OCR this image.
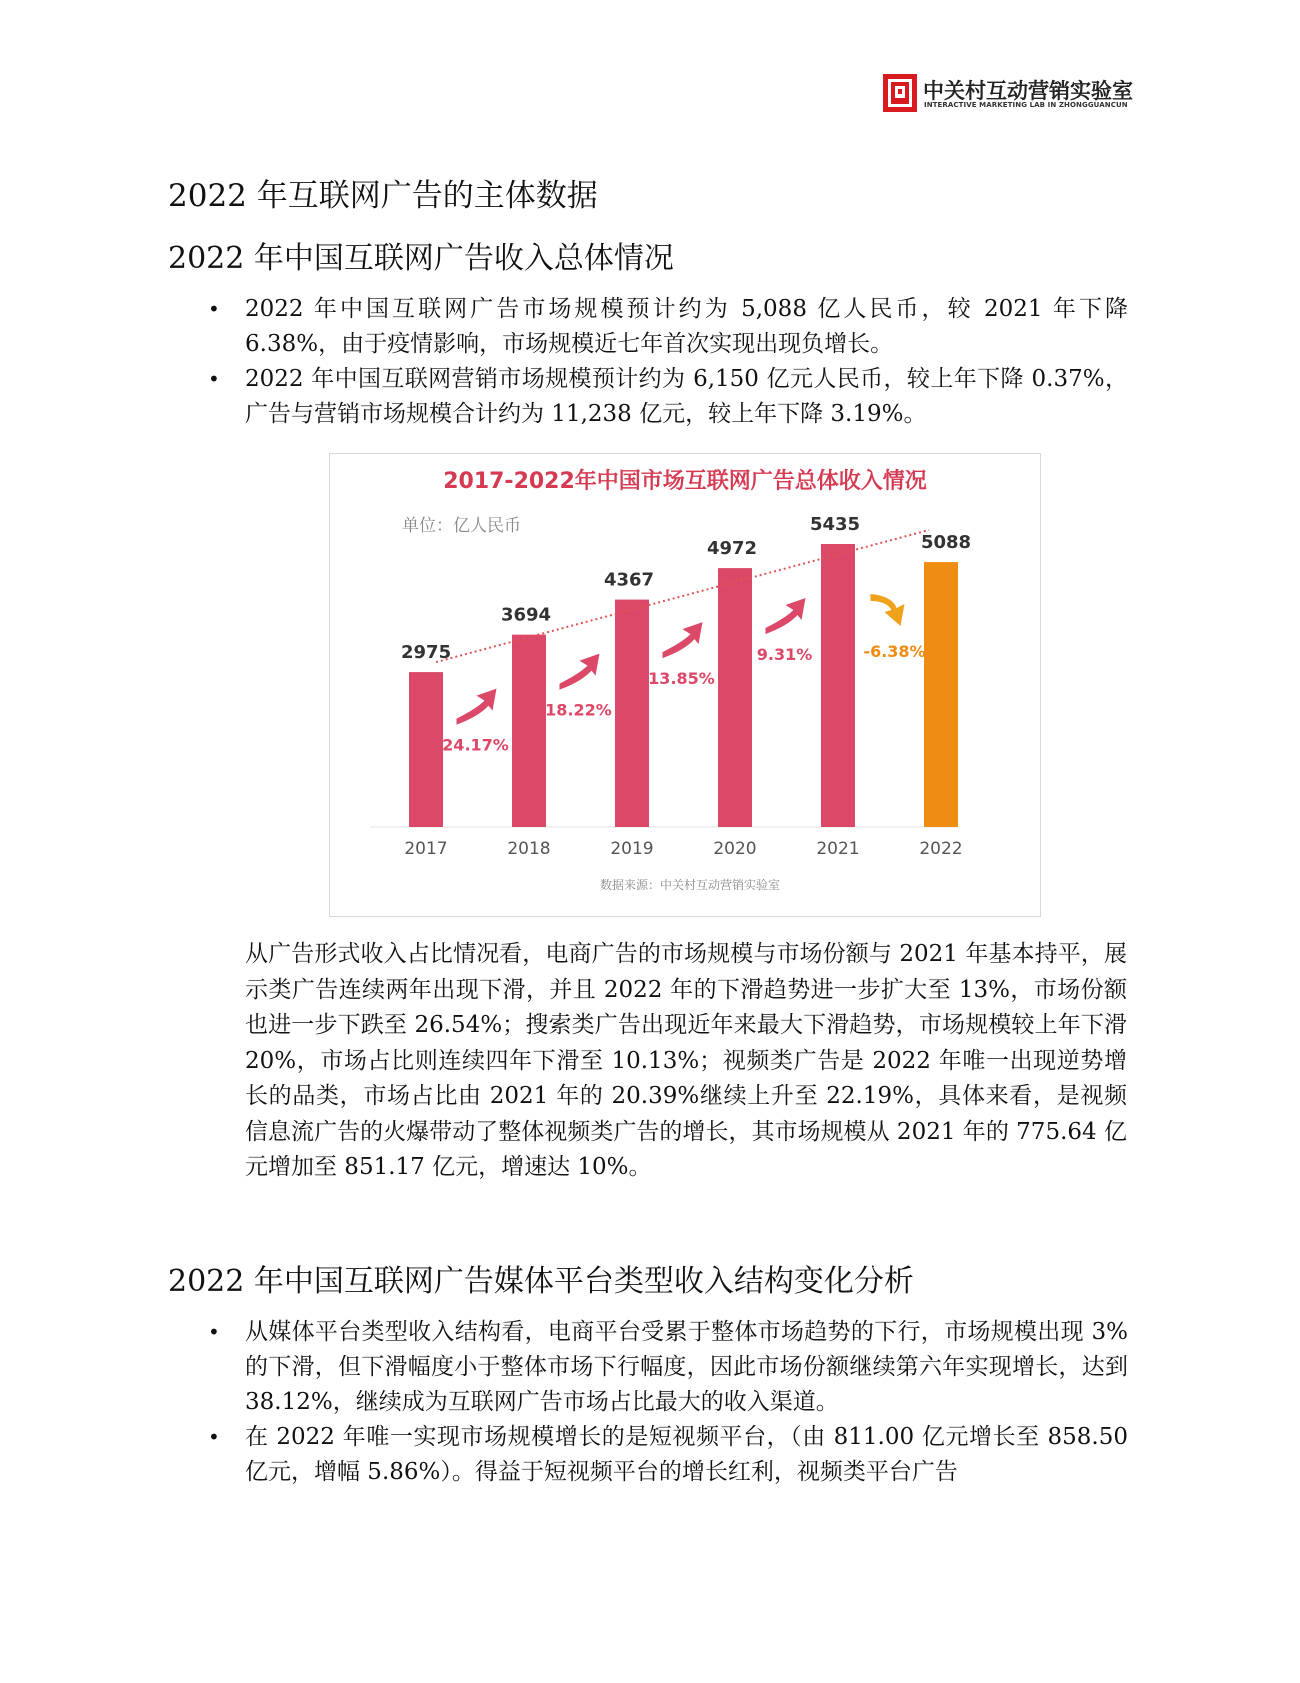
中关村互动营销实验室
INTERACTIVE MARKETING LAB IN ZHONGGUANCUN
2022 年互联网广告的主体数据
2022 年中国互联网广告收入总体情况
• 2022 年中国互联网广告市场规模预计约为 5,088 亿人民币，较 2021 年下降 6.38%，由于疫情影响，市场规模近七年首次实现出现负增长。
• 2022 年中国互联网营销市场规模预计约为 6,150 亿元人民币，较上年下降 0.37%，广告与营销市场规模合计约为 11,238 亿元，较上年下降 3.19%。
2017-2022年中国市场互联网广告总体收入情况
单位：亿人民币
数据来源：中关村互动营销实验室
2975
3694
4367
4972
5435
5088
2017	2018	2019	2020	2021	2022
24.17%
18.22%
13.85%
9.31%	-6.38%

从广告形式收入占比情况看，电商广告的市场规模与市场份额与 2021 年基本持平，展示类广告连续两年出现下滑，并且 2022 年的下滑趋势进一步扩大至 13%，市场份额也进一步下跌至 26.54%；搜索类广告出现近年来最大下滑趋势，市场规模较上年下滑 20%，市场占比则连续四年下滑至 10.13%；视频类广告是 2022 年唯一出现逆势增长的品类，市场占比由 2021 年的 20.39%继续上升至 22.19%，具体来看，是视频信息流广告的火爆带动了整体视频类广告的增长，其市场规模从 2021 年的 775.64 亿元增加至 851.17 亿元，增速达 10%。

2022 年中国互联网广告媒体平台类型收入结构变化分析
• 从媒体平台类型收入结构看，电商平台受累于整体市场趋势的下行，市场规模出现 3%的下滑，但下滑幅度小于整体市场下行幅度，因此市场份额继续第六年实现增长，达到 38.12%，继续成为互联网广告市场占比最大的收入渠道。
• 在 2022 年唯一实现市场规模增长的是短视频平台，（由 811.00 亿元增长至 858.50 亿元，增幅 5.86%）。得益于短视频平台的增长红利，视频类平台广告
